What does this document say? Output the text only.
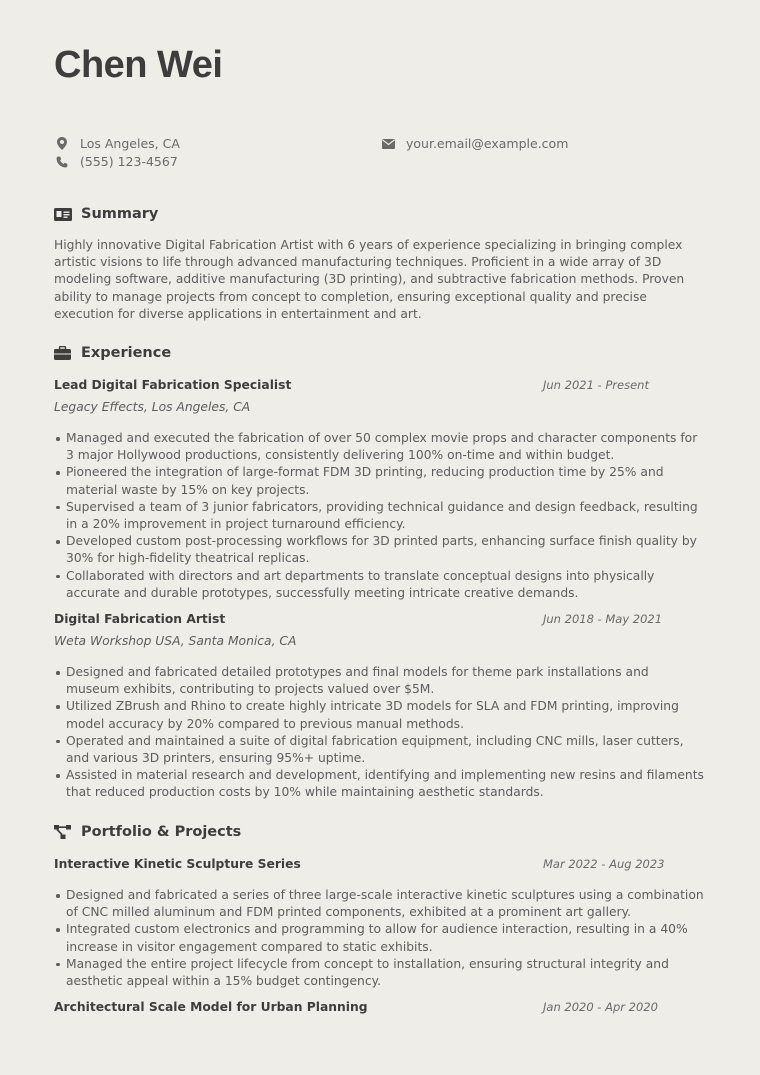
Chen Wei
Los Angeles, CA
(555) 123-4567
your.email@example.com
Summary
Highly innovative Digital Fabrication Artist with 6 years of experience specializing in bringing complex artistic visions to life through advanced manufacturing techniques. Proficient in a wide array of 3D modeling software, additive manufacturing (3D printing), and subtractive fabrication methods. Proven ability to manage projects from concept to completion, ensuring exceptional quality and precise execution for diverse applications in entertainment and art.
Experience
Lead Digital Fabrication Specialist	Jun 2021 - Present
Legacy Effects, Los Angeles, CA
Managed and executed the fabrication of over 50 complex movie props and character components for 3 major Hollywood productions, consistently delivering 100% on-time and within budget.
Pioneered the integration of large-format FDM 3D printing, reducing production time by 25% and material waste by 15% on key projects.
Supervised a team of 3 junior fabricators, providing technical guidance and design feedback, resulting in a 20% improvement in project turnaround efficiency.
Developed custom post-processing workflows for 3D printed parts, enhancing surface finish quality by 30% for high-fidelity theatrical replicas.
Collaborated with directors and art departments to translate conceptual designs into physically accurate and durable prototypes, successfully meeting intricate creative demands.
Digital Fabrication Artist	Jun 2018 - May 2021
Weta Workshop USA, Santa Monica, CA
Designed and fabricated detailed prototypes and final models for theme park installations and museum exhibits, contributing to projects valued over $5M.
Utilized ZBrush and Rhino to create highly intricate 3D models for SLA and FDM printing, improving model accuracy by 20% compared to previous manual methods.
Operated and maintained a suite of digital fabrication equipment, including CNC mills, laser cutters, and various 3D printers, ensuring 95%+ uptime.
Assisted in material research and development, identifying and implementing new resins and filaments that reduced production costs by 10% while maintaining aesthetic standards.
Portfolio & Projects
Interactive Kinetic Sculpture Series	Mar 2022 - Aug 2023
Designed and fabricated a series of three large-scale interactive kinetic sculptures using a combination of CNC milled aluminum and FDM printed components, exhibited at a prominent art gallery.
Integrated custom electronics and programming to allow for audience interaction, resulting in a 40% increase in visitor engagement compared to static exhibits.
Managed the entire project lifecycle from concept to installation, ensuring structural integrity and aesthetic appeal within a 15% budget contingency.
Architectural Scale Model for Urban Planning	Jan 2020 - Apr 2020
